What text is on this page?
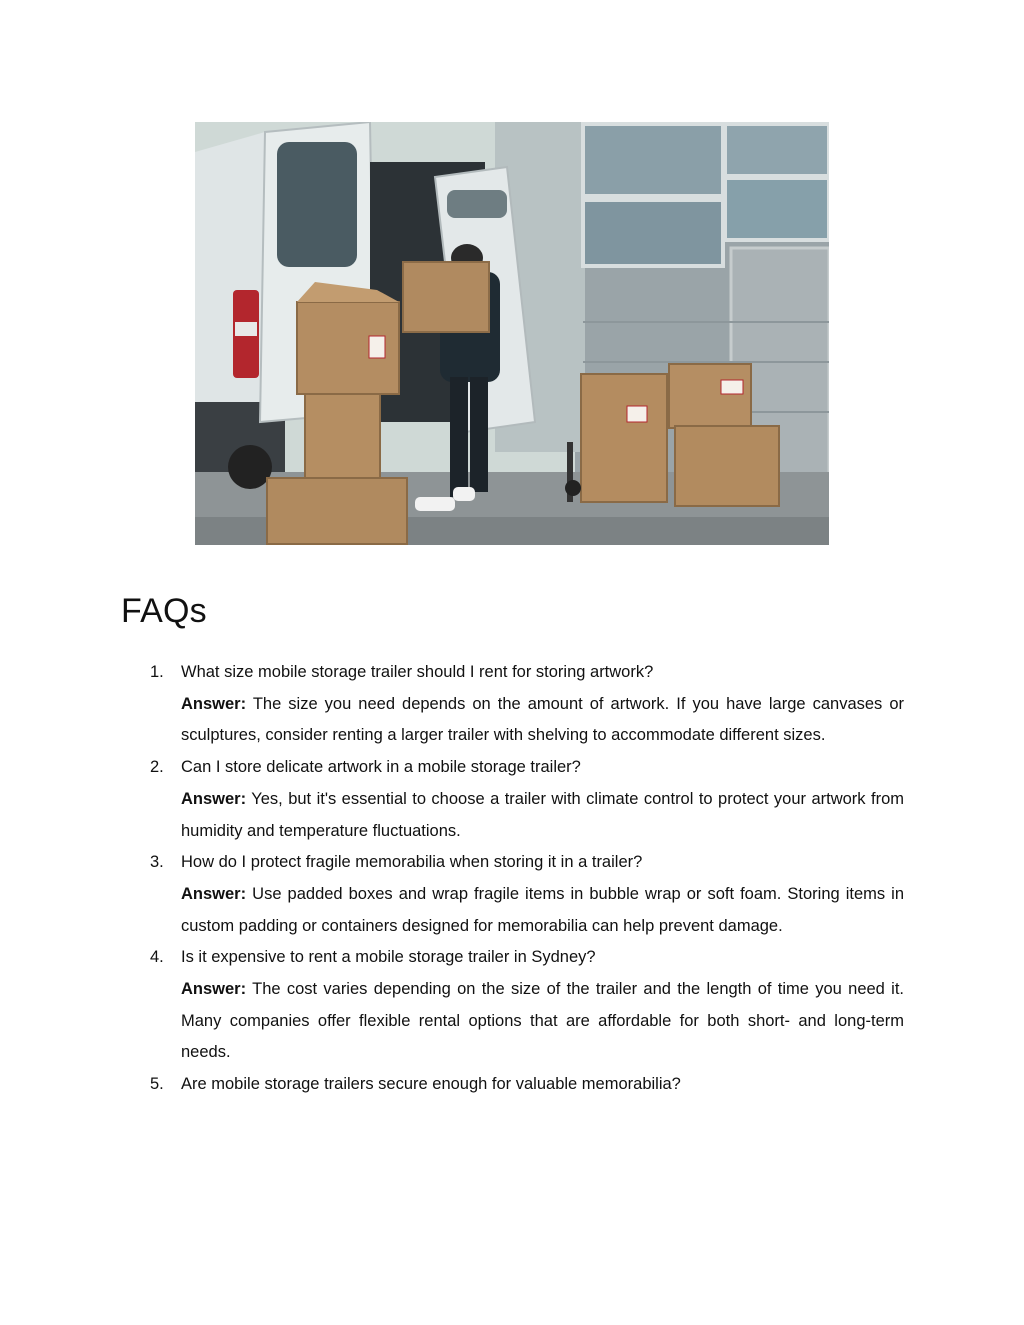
FAQs
1. What size mobile storage trailer should I rent for storing artwork?
Answer: The size you need depends on the amount of artwork. If you have large canvases or sculptures, consider renting a larger trailer with shelving to accommodate different sizes.
2. Can I store delicate artwork in a mobile storage trailer?
Answer: Yes, but it's essential to choose a trailer with climate control to protect your artwork from humidity and temperature fluctuations.
3. How do I protect fragile memorabilia when storing it in a trailer?
Answer: Use padded boxes and wrap fragile items in bubble wrap or soft foam. Storing items in custom padding or containers designed for memorabilia can help prevent damage.
4. Is it expensive to rent a mobile storage trailer in Sydney?
Answer: The cost varies depending on the size of the trailer and the length of time you need it. Many companies offer flexible rental options that are affordable for both short- and long-term needs.
5. Are mobile storage trailers secure enough for valuable memorabilia?
